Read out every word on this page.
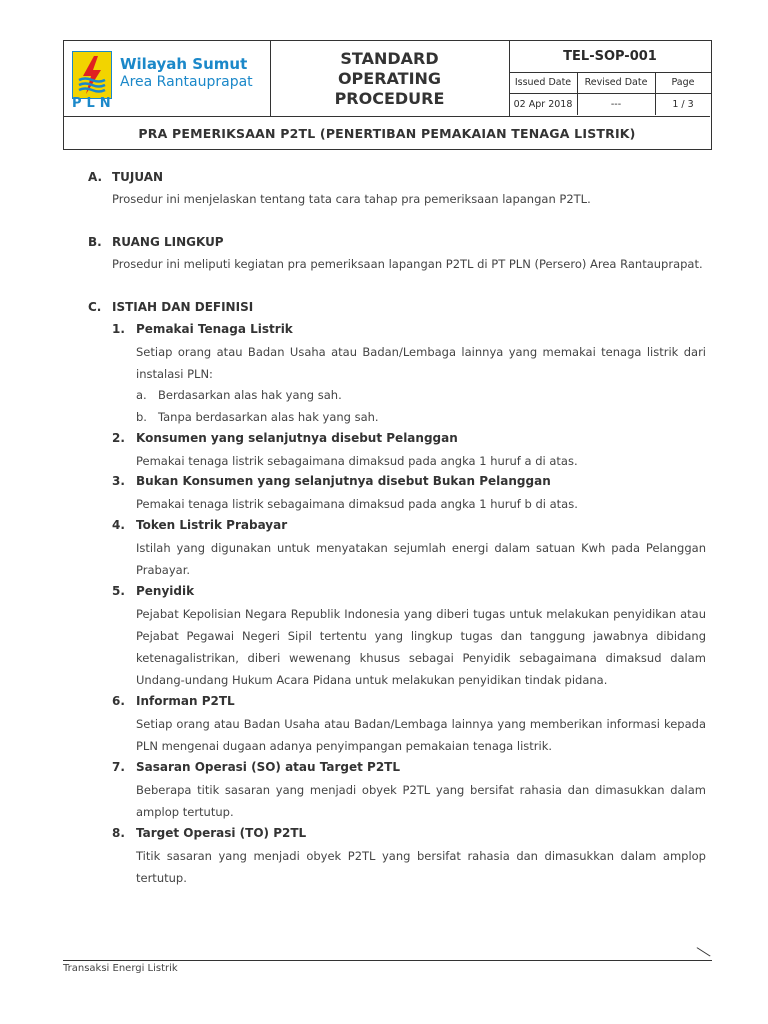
Wilayah Sumut
Area Rantauprapat
PLN
STANDARD OPERATING PROCEDURE
TEL-SOP-001
Issued Date	Revised Date	Page
02 Apr 2018	---	1 / 3
PRA PEMERIKSAAN P2TL (PENERTIBAN PEMAKAIAN TENAGA LISTRIK)
A. TUJUAN
Prosedur ini menjelaskan tentang tata cara tahap pra pemeriksaan lapangan P2TL.
B. RUANG LINGKUP
Prosedur ini meliputi kegiatan pra pemeriksaan lapangan P2TL di PT PLN (Persero) Area Rantauprapat.
C. ISTIAH DAN DEFINISI
1. Pemakai Tenaga Listrik
Setiap orang atau Badan Usaha atau Badan/Lembaga lainnya yang memakai tenaga listrik dari instalasi PLN:
a. Berdasarkan alas hak yang sah.
b. Tanpa berdasarkan alas hak yang sah.
2. Konsumen yang selanjutnya disebut Pelanggan
Pemakai tenaga listrik sebagaimana dimaksud pada angka 1 huruf a di atas.
3. Bukan Konsumen yang selanjutnya disebut Bukan Pelanggan
Pemakai tenaga listrik sebagaimana dimaksud pada angka 1 huruf b di atas.
4. Token Listrik Prabayar
Istilah yang digunakan untuk menyatakan sejumlah energi dalam satuan Kwh pada Pelanggan Prabayar.
5. Penyidik
Pejabat Kepolisian Negara Republik Indonesia yang diberi tugas untuk melakukan penyidikan atau Pejabat Pegawai Negeri Sipil tertentu yang lingkup tugas dan tanggung jawabnya dibidang ketenagalistrikan, diberi wewenang khusus sebagai Penyidik sebagaimana dimaksud dalam Undang-undang Hukum Acara Pidana untuk melakukan penyidikan tindak pidana.
6. Informan P2TL
Setiap orang atau Badan Usaha atau Badan/Lembaga lainnya yang memberikan informasi kepada PLN mengenai dugaan adanya penyimpangan pemakaian tenaga listrik.
7. Sasaran Operasi (SO) atau Target P2TL
Beberapa titik sasaran yang menjadi obyek P2TL yang bersifat rahasia dan dimasukkan dalam amplop tertutup.
8. Target Operasi (TO) P2TL
Titik sasaran yang menjadi obyek P2TL yang bersifat rahasia dan dimasukkan dalam amplop tertutup.
╲
Transaksi Energi Listrik
